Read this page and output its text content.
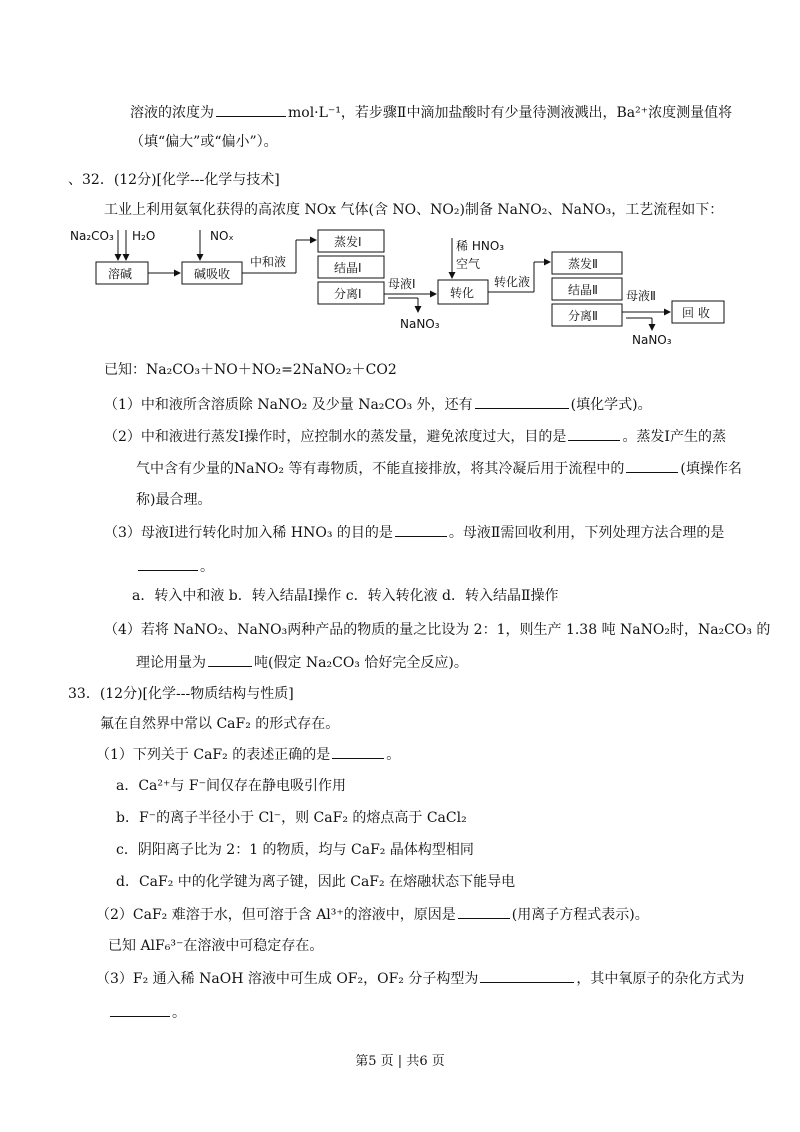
溶液的浓度为	mol·L⁻¹，若步骤Ⅱ中滴加盐酸时有少量待测液溅出，Ba²⁺浓度测量值将
（填“偏大”或“偏小”）。
、32．(12分)[化学---化学与技术]
工业上利用氨氧化获得的高浓度 NOx 气体(含 NO、NO₂)制备 NaNO₂、NaNO₃，工艺流程如下：
Na₂CO₃ H₂O	NOₓ
溶碱	碱吸收
中和液
蒸发Ⅰ
结晶Ⅰ
分离Ⅰ
母液Ⅰ
NaNO₃
稀 HNO₃
空气
转化
转化液
蒸发Ⅱ
结晶Ⅱ
分离Ⅱ
母液Ⅱ
回 收
NaNO₃
已知：Na₂CO₃＋NO＋NO₂=2NaNO₂＋CO2
（1）中和液所含溶质除 NaNO₂ 及少量 Na₂CO₃ 外，还有	(填化学式)。
（2）中和液进行蒸发Ⅰ操作时，应控制水的蒸发量，避免浓度过大，目的是	。蒸发Ⅰ产生的蒸
气中含有少量的NaNO₂ 等有毒物质，不能直接排放，将其冷凝后用于流程中的	(填操作名
称)最合理。
（3）母液Ⅰ进行转化时加入稀 HNO₃ 的目的是	。母液Ⅱ需回收利用，下列处理方法合理的是
。
a．转入中和液 b．转入结晶Ⅰ操作 c．转入转化液 d．转入结晶Ⅱ操作
（4）若将 NaNO₂、NaNO₃两种产品的物质的量之比设为 2：1，则生产 1.38 吨 NaNO₂时，Na₂CO₃ 的
理论用量为	吨(假定 Na₂CO₃ 恰好完全反应)。
33．(12分)[化学---物质结构与性质]
氟在自然界中常以 CaF₂ 的形式存在。
（1）下列关于 CaF₂ 的表述正确的是	。
a．Ca²⁺与 F⁻间仅存在静电吸引作用
b．F⁻的离子半径小于 Cl⁻，则 CaF₂ 的熔点高于 CaCl₂
c．阴阳离子比为 2：1 的物质，均与 CaF₂ 晶体构型相同
d．CaF₂ 中的化学键为离子键，因此 CaF₂ 在熔融状态下能导电
（2）CaF₂ 难溶于水，但可溶于含 Al³⁺的溶液中，原因是	(用离子方程式表示)。
已知 AlF₆³⁻在溶液中可稳定存在。
（3）F₂ 通入稀 NaOH 溶液中可生成 OF₂，OF₂ 分子构型为	，其中氧原子的杂化方式为
。
第5 页 | 共6 页
